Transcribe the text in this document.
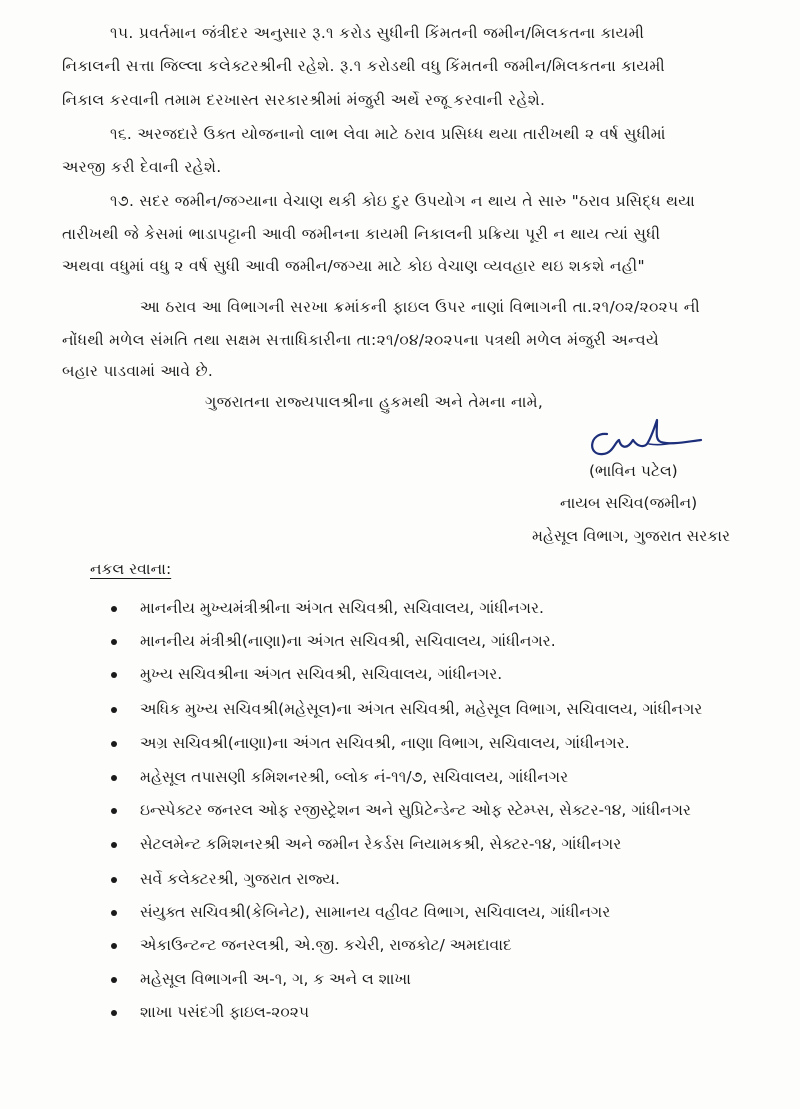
૧૫. પ્રવર્તમાન જંત્રીદર અનુસાર રૂ.૧ કરોડ સુધીની કિંમતની જમીન/મિલકતના કાયમી
નિકાલની સત્તા જિલ્લા કલેક્ટરશ્રીની રહેશે. રૂ.૧ કરોડથી વધુ કિંમતની જમીન/મિલકતના કાયમી
નિકાલ કરવાની તમામ દરખાસ્ત સરકારશ્રીમાં મંજુરી અર્થે રજૂ કરવાની રહેશે.
૧૬. અરજદારે ઉક્ત યોજનાનો લાભ લેવા માટે ઠરાવ પ્રસિધ્ધ થયા તારીખથી ૨ વર્ષ સુધીમાં
અરજી કરી દેવાની રહેશે.
૧૭. સદર જમીન/જગ્યાના વેચાણ થકી કોઇ દુર ઉપયોગ ન થાય તે સારુ "ઠરાવ પ્રસિદ્ધ થયા
તારીખથી જે કેસમાં ભાડાપટ્ટાની આવી જમીનના કાયમી નિકાલની પ્રક્રિયા પૂરી ન થાય ત્યાં સુધી
અથવા વધુમાં વધુ ૨ વર્ષ સુધી આવી જમીન/જગ્યા માટે કોઇ વેચાણ વ્યવહાર થઇ શકશે નહી"
આ ઠરાવ આ વિભાગની સરખા ક્રમાંકની ફાઇલ ઉપર નાણાં વિભાગની તા.૨૧/૦૨/૨૦૨૫ ની
નોંધથી મળેલ સંમતિ તથા સક્ષમ સત્તાધિકારીના તા:૨૧/૦૪/૨૦૨૫ના પત્રથી મળેલ મંજુરી અન્વયે
બહાર પાડવામાં આવે છે.
ગુજરાતના રાજ્યપાલશ્રીના હુકમથી અને તેમના નામે,
(ભાવિન પટેલ)
નાયબ સચિવ(જમીન)
મહેસૂલ વિભાગ, ગુજરાત સરકાર
નકલ રવાના:
માનનીય મુખ્યમંત્રીશ્રીના અંગત સચિવશ્રી, સચિવાલય, ગાંધીનગર.
માનનીય મંત્રીશ્રી(નાણા)ના અંગત સચિવશ્રી, સચિવાલય, ગાંધીનગર.
મુખ્ય સચિવશ્રીના અંગત સચિવશ્રી, સચિવાલય, ગાંધીનગર.
અધિક મુખ્ય સચિવશ્રી(મહેસૂલ)ના અંગત સચિવશ્રી, મહેસૂલ વિભાગ, સચિવાલય, ગાંધીનગર
અગ્ર સચિવશ્રી(નાણા)ના અંગત સચિવશ્રી, નાણા વિભાગ, સચિવાલય, ગાંધીનગર.
મહેસૂલ તપાસણી કમિશનરશ્રી, બ્લોક નં-૧૧/૭, સચિવાલય, ગાંધીનગર
ઇન્સ્પેક્ટર જનરલ ઓફ રજીસ્ટ્રેશન અને સુપ્રિટેન્ડેન્ટ ઓફ સ્ટેમ્પ્સ, સેક્ટર-૧૪, ગાંધીનગર
સેટલમેન્ટ કમિશનરશ્રી અને જમીન રેકર્ડસ નિયામકશ્રી, સેક્ટર-૧૪, ગાંધીનગર
સર્વે કલેક્ટરશ્રી, ગુજરાત રાજ્ય.
સંયુક્ત સચિવશ્રી(કેબિનેટ), સામાનય વહીવટ વિભાગ, સચિવાલય, ગાંધીનગર
એકાઉન્ટન્ટ જનરલશ્રી, એ.જી. કચેરી, રાજકોટ/ અમદાવાદ
મહેસૂલ વિભાગની અ-૧, ગ, ક અને લ શાખા
શાખા પસંદગી ફાઇલ-૨૦૨૫
